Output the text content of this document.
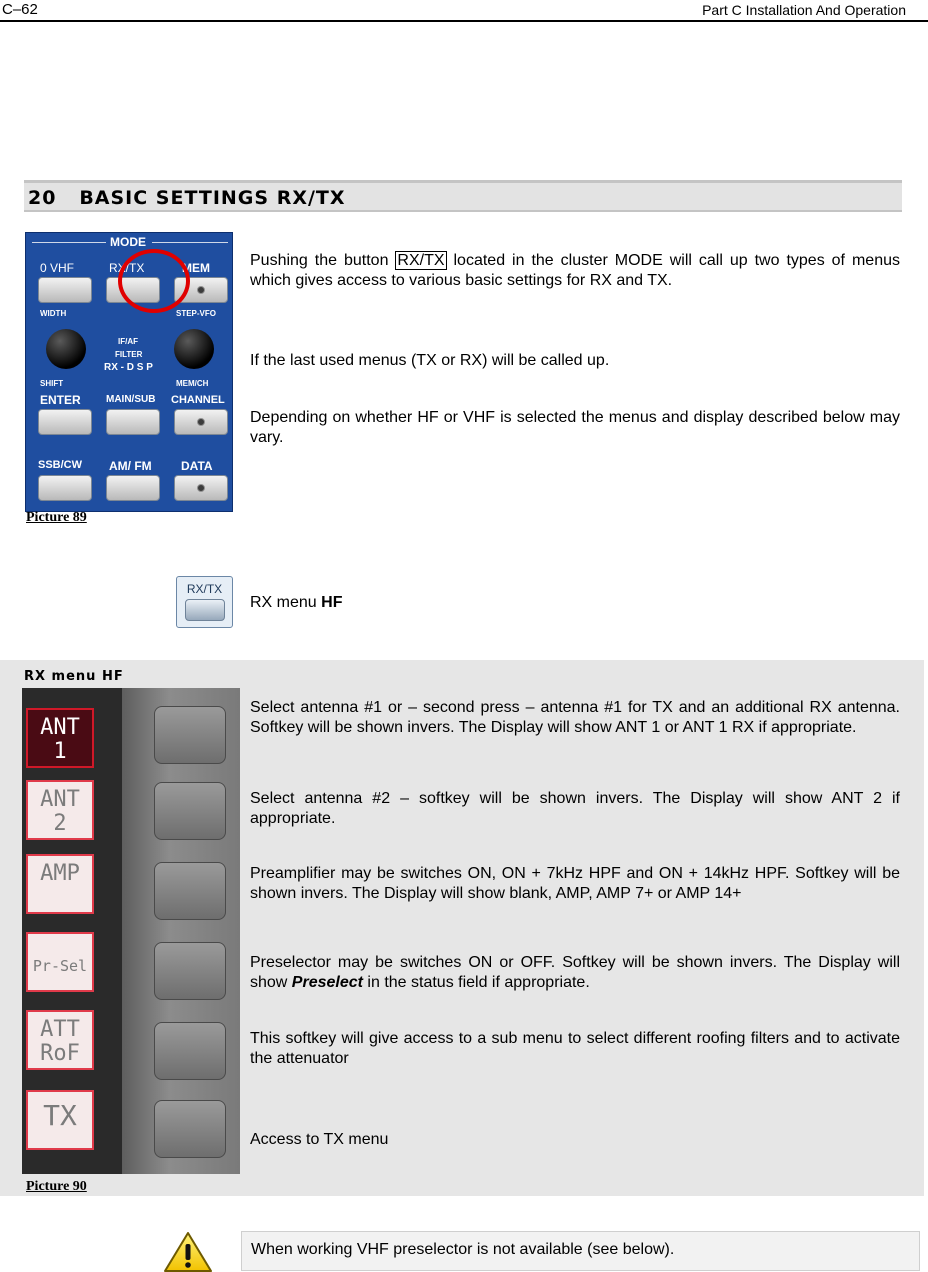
C–62	Part C Installation And Operation
20 BASIC SETTINGS RX/TX
MODE
0 VHF	RX/TX	MEM
WIDTH	STEP-VFO
IF/AF
FILTER
RX - D S P
SHIFT	MEM/CH
ENTER	MAIN/SUB CHANNEL
SSB/CW AM/ FM DATA
Picture 89
Pushing the button RX/TX located in the cluster MODE will call up two types of menus which gives access to various basic settings for RX and TX.
If the last used menus (TX or RX) will be called up.
Depending on whether HF or VHF is selected the menus and display described below may vary.
RX/TX
RX menu HF
RX menu HF
ANT
1
ANT
2
AMP
Pr-Sel
ATT
RoF
TX
Picture 90
Select antenna #1 or – second press – antenna #1 for TX and an additional RX antenna. Softkey will be shown invers. The Display will show ANT 1 or ANT 1 RX if appropriate.
Select antenna #2 – softkey will be shown invers. The Display will show ANT 2 if appropriate.
Preamplifier may be switches ON, ON + 7kHz HPF and ON + 14kHz HPF. Softkey will be shown invers. The Display will show blank, AMP, AMP 7+ or AMP 14+
Preselector may be switches ON or OFF. Softkey will be shown invers. The Display will show Preselect in the status field if appropriate.
This softkey will give access to a sub menu to select different roofing filters and to activate the attenuator
Access to TX menu
When working VHF preselector is not available (see below).
